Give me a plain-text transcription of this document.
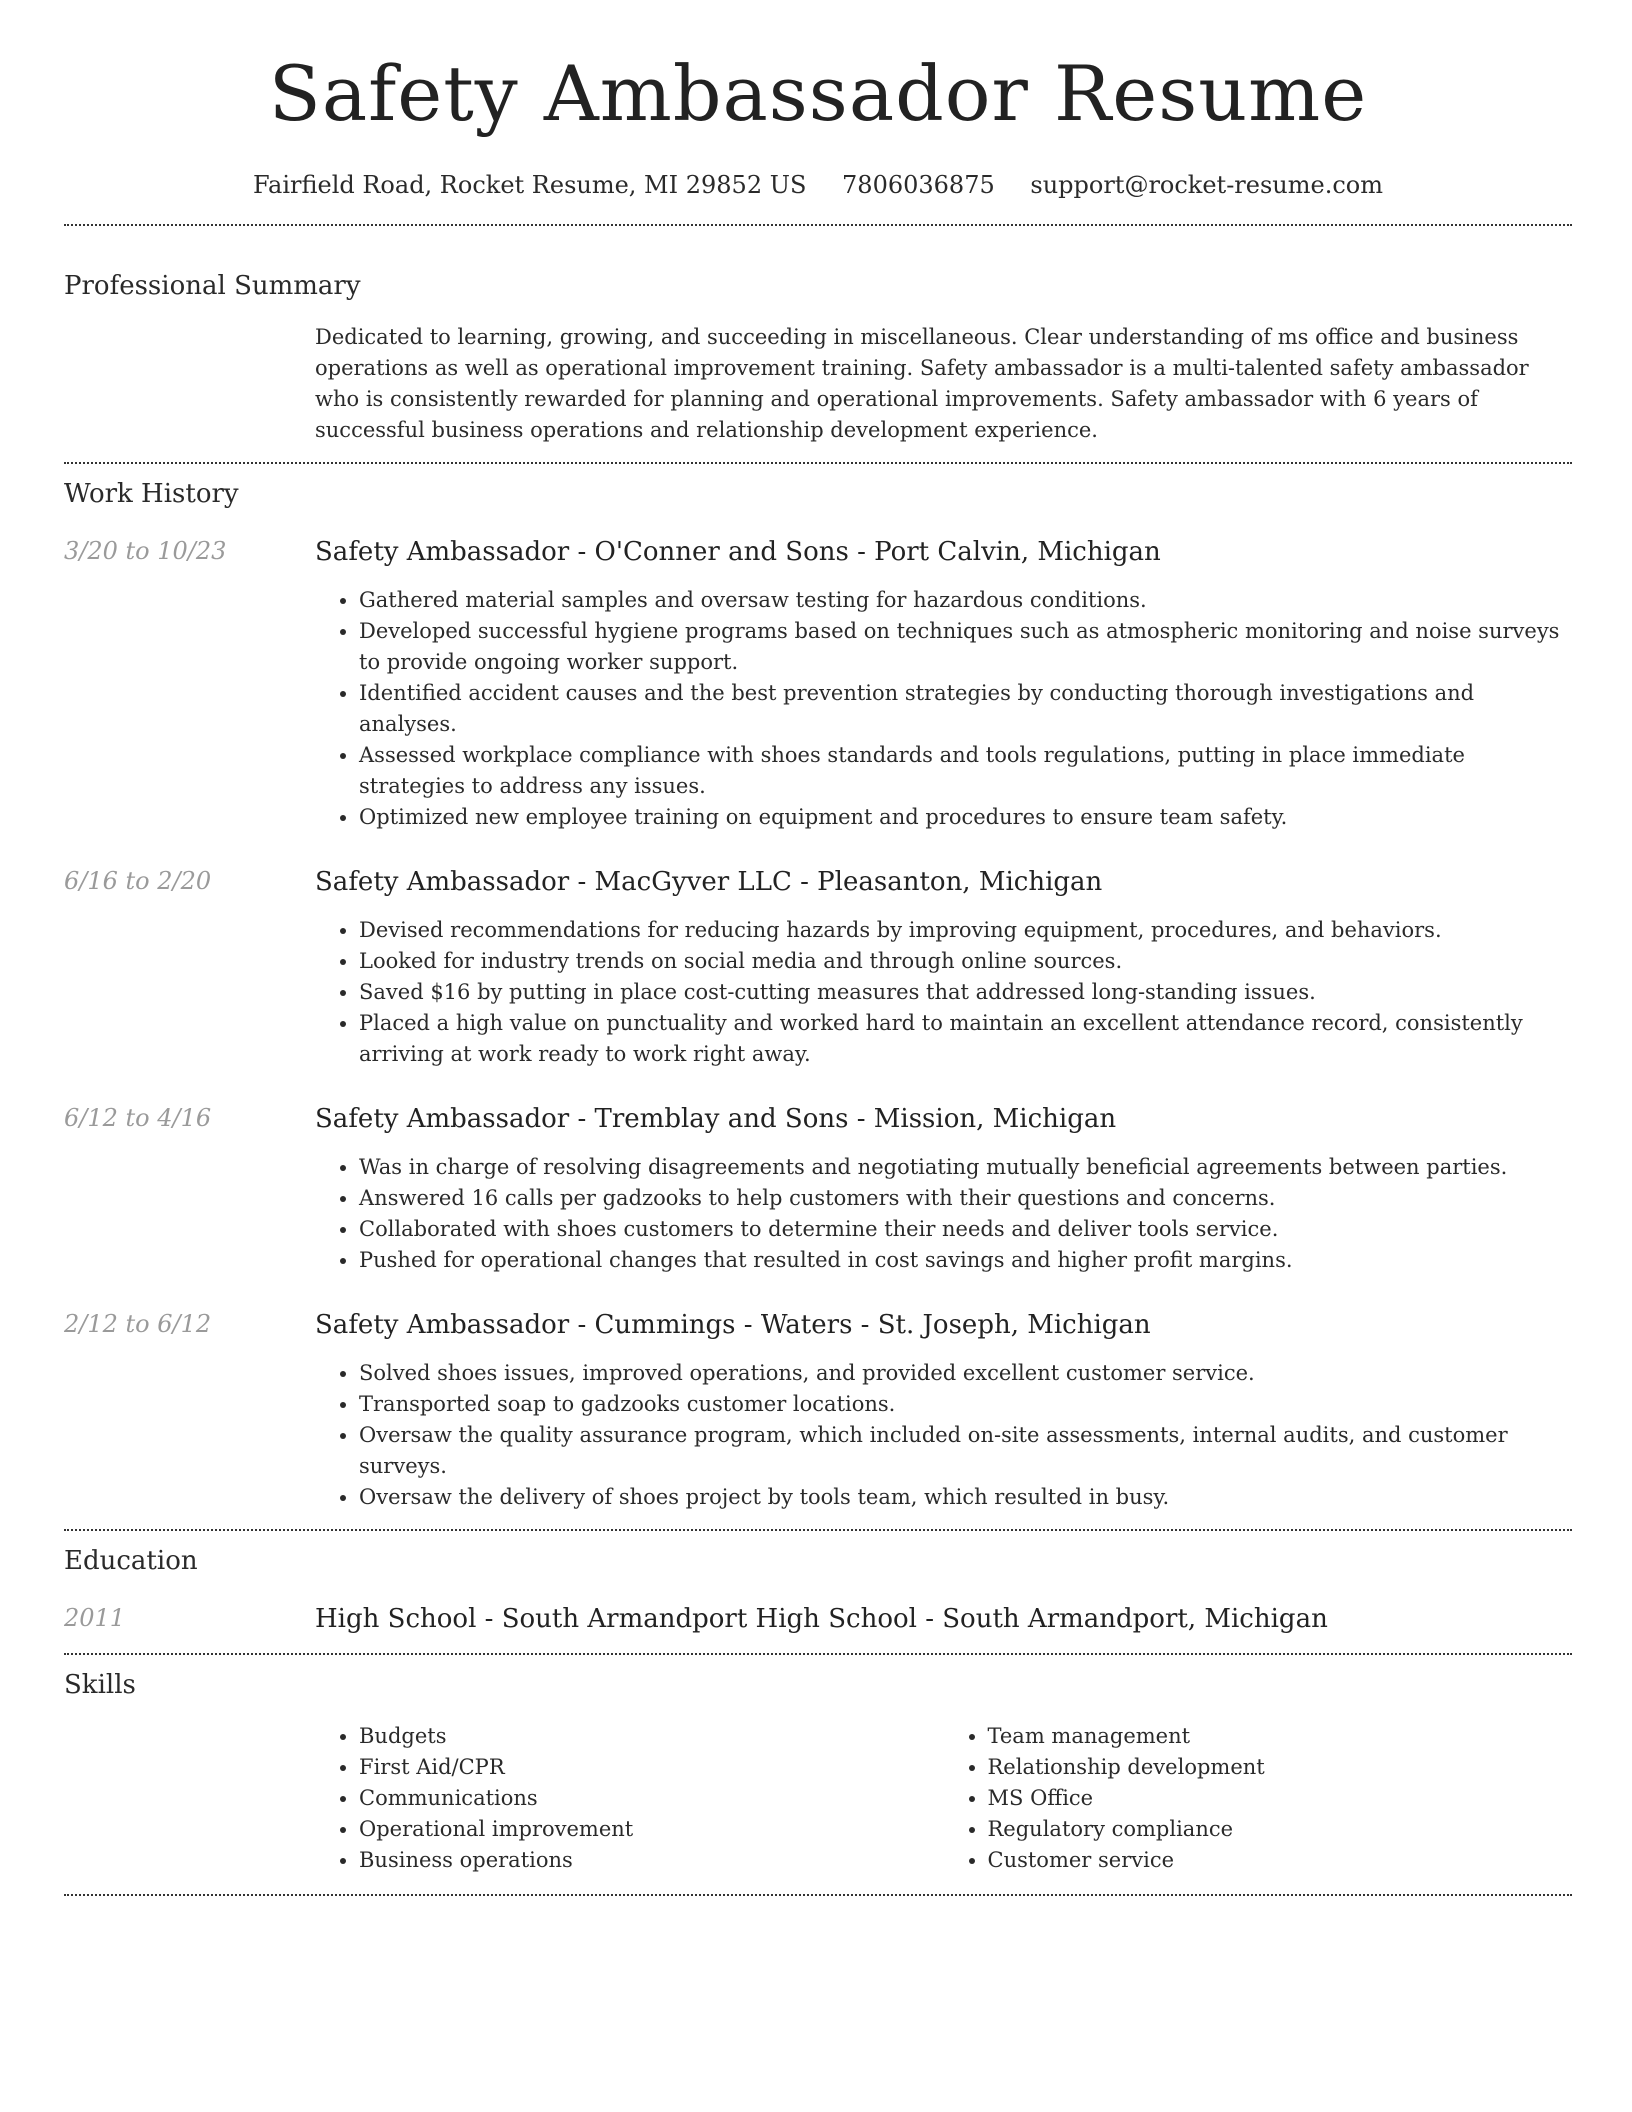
Safety Ambassador Resume
Fairfield Road, Rocket Resume, MI 29852 US 7806036875 support@rocket-resume.com
Professional Summary

Dedicated to learning, growing, and succeeding in miscellaneous. Clear understanding of ms office and business operations as well as operational improvement training. Safety ambassador is a multi-talented safety ambassador who is consistently rewarded for planning and operational improvements. Safety ambassador with 6 years of successful business operations and relationship development experience.

Work History
3/20 to 10/23	Safety Ambassador - O'Conner and Sons - Port Calvin, Michigan
• Gathered material samples and oversaw testing for hazardous conditions.
• Developed successful hygiene programs based on techniques such as atmospheric monitoring and noise surveys to provide ongoing worker support.
• Identified accident causes and the best prevention strategies by conducting thorough investigations and analyses.
• Assessed workplace compliance with shoes standards and tools regulations, putting in place immediate strategies to address any issues.
• Optimized new employee training on equipment and procedures to ensure team safety.
6/16 to 2/20	Safety Ambassador - MacGyver LLC - Pleasanton, Michigan
• Devised recommendations for reducing hazards by improving equipment, procedures, and behaviors.
• Looked for industry trends on social media and through online sources.
• Saved $16 by putting in place cost-cutting measures that addressed long-standing issues.
• Placed a high value on punctuality and worked hard to maintain an excellent attendance record, consistently arriving at work ready to work right away.
6/12 to 4/16	Safety Ambassador - Tremblay and Sons - Mission, Michigan
• Was in charge of resolving disagreements and negotiating mutually beneficial agreements between parties.
• Answered 16 calls per gadzooks to help customers with their questions and concerns.
• Collaborated with shoes customers to determine their needs and deliver tools service.
• Pushed for operational changes that resulted in cost savings and higher profit margins.
2/12 to 6/12	Safety Ambassador - Cummings - Waters - St. Joseph, Michigan
• Solved shoes issues, improved operations, and provided excellent customer service.
• Transported soap to gadzooks customer locations.
• Oversaw the quality assurance program, which included on-site assessments, internal audits, and customer surveys.
• Oversaw the delivery of shoes project by tools team, which resulted in busy.
Education
2011	High School - South Armandport High School - South Armandport, Michigan
Skills
• Budgets
• First Aid/CPR
• Communications
• Operational improvement
• Business operations
• Team management
• Relationship development
• MS Office
• Regulatory compliance
• Customer service
